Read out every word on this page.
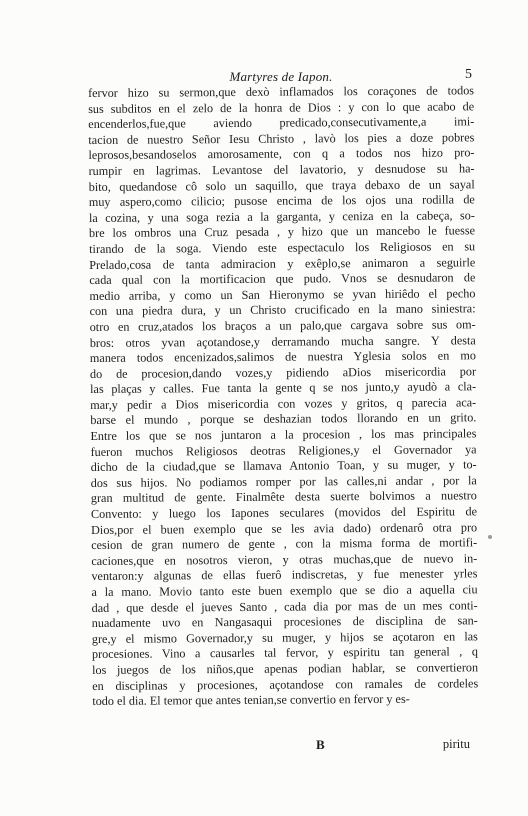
Martyres de Iapon.	5
fervor hizo su sermon,que dexò inflamados los coraçones de todos
sus subditos en el zelo de la honra de Dios : y con lo que acabo de
encenderlos,fue,que aviendo predicado,consecutivamente,a imi-
tacion de nuestro Señor Iesu Christo , lavò los pies a doze pobres
leprosos,besandoselos amorosamente, con q a todos nos hizo pro-
rumpir en lagrimas. Levantose del lavatorio, y desnudose su ha-
bito, quedandose cô solo un saquillo, que traya debaxo de un sayal
muy aspero,como cilicio; pusose encima de los ojos una rodilla de
la cozina, y una soga rezia a la garganta, y ceniza en la cabeça, so-
bre los ombros una Cruz pesada , y hizo que un mancebo le fuesse
tirando de la soga. Viendo este espectaculo los Religiosos en su
Prelado,cosa de tanta admiracion y exêplo,se animaron a seguirle
cada qual con la mortificacion que pudo. Vnos se desnudaron de
medio arriba, y como un San Hieronymo se yvan hiriêdo el pecho
con una piedra dura, y un Christo crucificado en la mano siniestra:
otro en cruz,atados los braços a un palo,que cargava sobre sus om-
bros: otros yvan açotandose,y derramando mucha sangre. Y desta
manera todos encenizados,salimos de nuestra Yglesia solos en mo
do de procesion,dando vozes,y pidiendo aDios misericordia por
las plaças y calles. Fue tanta la gente q se nos junto,y ayudò a cla-
mar,y pedir a Dios misericordia con vozes y gritos, q parecia aca-
barse el mundo , porque se deshazian todos llorando en un grito.
Entre los que se nos juntaron a la procesion , los mas principales
fueron muchos Religiosos deotras Religiones,y el Governador ya
dicho de la ciudad,que se llamava Antonio Toan, y su muger, y to-
dos sus hijos. No podiamos romper por las calles,ni andar , por la
gran multitud de gente. Finalmête desta suerte bolvimos a nuestro
Convento: y luego los Iapones seculares (movidos del Espiritu de
Dios,por el buen exemplo que se les avia dado) ordenarô otra pro
cesion de gran numero de gente , con la misma forma de mortifi-
caciones,que en nosotros vieron, y otras muchas,que de nuevo in-
ventaron:y algunas de ellas fuerô indiscretas, y fue menester yrles
a la mano. Movio tanto este buen exemplo que se dio a aquella ciu
dad , que desde el jueves Santo , cada dia por mas de un mes conti-
nuadamente uvo en Nangasaqui procesiones de disciplina de san-
gre,y el mismo Governador,y su muger, y hijos se açotaron en las
procesiones. Vino a causarles tal fervor, y espiritu tan general , q
los juegos de los niños,que apenas podian hablar, se convertieron
en disciplinas y procesiones, açotandose con ramales de cordeles
todo el dia. El temor que antes tenian,se convertio en fervor y es-
B	piritu
